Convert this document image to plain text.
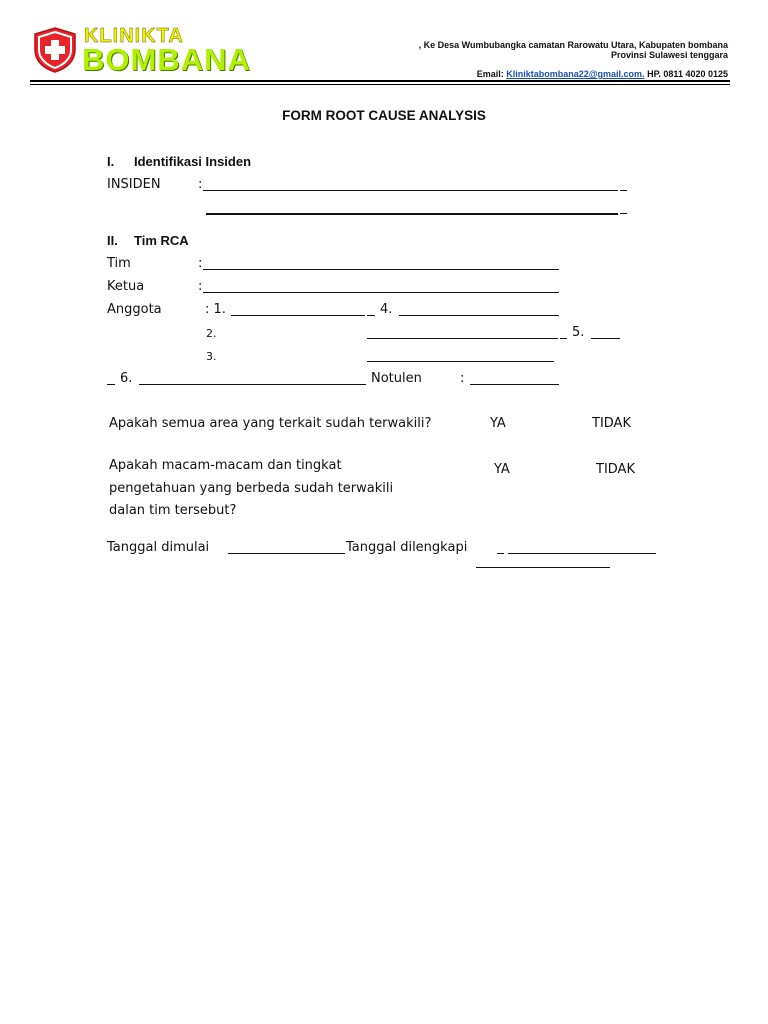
KLINIKTA
BOMBANA	, Ke Desa Wumbubangka camatan Rarowatu Utara, Kabupaten bombana
Provinsi Sulawesi tenggara
Email: Kliniktabombana22@gmail.com. HP. 0811 4020 0125
FORM ROOT CAUSE ANALYSIS
I. Identifikasi Insiden
INSIDEN	:
II. Tim RCA
Tim	:
Ketua	:
Anggota	: 1.	4.
2.	5.
3.
6.	Notulen	:
Apakah semua area yang terkait sudah terwakili?	YA	TIDAK
Apakah macam-macam dan tingkat
pengetahuan yang berbeda sudah terwakili
dalan tim tersebut?
YA	TIDAK
Tanggal dimulai	Tanggal dilengkapi
